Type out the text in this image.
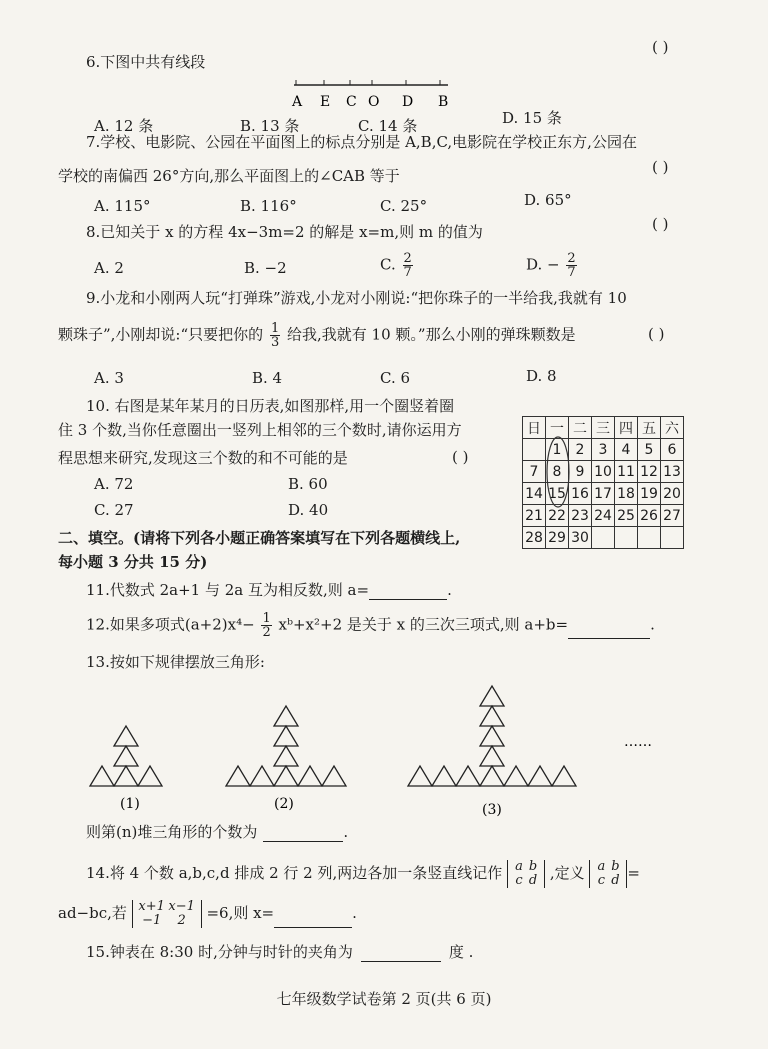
6.下图中共有线段
( )
A E C O D B
A. 12 条	B. 13 条	C. 14 条	D. 15 条
7.学校、电影院、公园在平面图上的标点分别是 A,B,C,电影院在学校正东方,公园在
学校的南偏西 26°方向,那么平面图上的∠CAB 等于	( )
A. 115°	B. 116°	C. 25°	D. 65°
8.已知关于 x 的方程 4x−3m=2 的解是 x=m,则 m 的值为	( )
A. 2	B. −2	C. $\frac{2}{7}$	D. − $\frac{2}{7}$
9.小龙和小刚两人玩“打弹珠”游戏,小龙对小刚说:“把你珠子的一半给我,我就有 10
颗珠子”,小刚却说:“只要把你的 $\frac{1}{3}$ 给我,我就有 10 颗。”那么小刚的弹珠颗数是	( )
A. 3	B. 4	C. 6	D. 8
10. 右图是某年某月的日历表,如图那样,用一个圈竖着圈
住 3 个数,当你任意圈出一竖列上相邻的三个数时,请你运用方
程思想来研究,发现这三个数的和不可能的是	( )
A. 72	B. 60
C. 27	D. 40
日	一	二	三	四	五	六
	1	2	3	4	5	6
7	8	9	10	11	12	13
14	15	16	17	18	19	20
21	22	23	24	25	26	27
28	29	30				
二、填空。(请将下列各小题正确答案填写在下列各题横线上,
每小题 3 分共 15 分)
11.代数式 2a+1 与 2a 互为相反数,则 a=	.
12.如果多项式$(a+2)x^4- \frac{1}{2}$ xᵇ+x²+2 是关于 x 的三次三项式,则 a+b=	.
13.按如下规律摆放三角形:
(1)	(2)	(3)
……
则第(n)堆三角形的个数为	.
14.将 4 个数 a,b,c,d 排成 2 行 2 列,两边各加一条竖直线记作 a b
c d ,定义 a b
c d =
ad−bc,若 x+1 x−1
−1 2 =6,则 x=	.
15.钟表在 8:30 时,分钟与时针的夹角为	度 .
七年级数学试卷第 2 页(共 6 页)
